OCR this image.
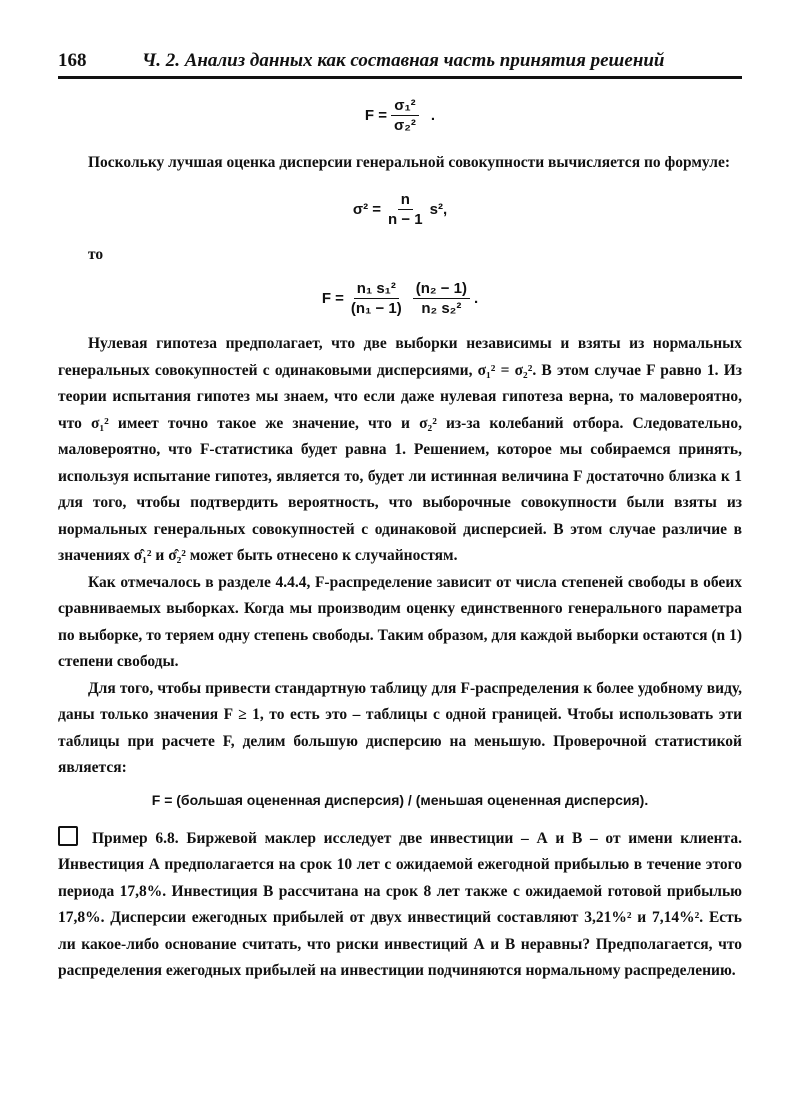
168	Ч. 2. Анализ данных как составная часть принятия решений
$F = \frac{\text{σ₁²}}{\text{σ₂²}}$ .

Поскольку лучшая оценка дисперсии генеральной совокупности вычисляется по формуле:

$\sigma^2 = \frac{n}{n - 1} s^2$,

то

$F = \frac{\text{n₁ s₁²}}{\text{(n₁ − 1)}} \frac{\text{(n₂ − 1)}}{\text{n₂ s₂²}}$ .

Нулевая гипотеза предполагает, что две выборки независимы и взяты из нормальных генеральных совокупностей с одинаковыми дисперсиями, σ₁² = σ₂². В этом случае F равно 1. Из теории испытания гипотез мы знаем, что если даже нулевая гипотеза верна, то маловероятно, что σ₁² имеет точно такое же значение, что и σ₂² из-за колебаний отбора. Следовательно, маловероятно, что F-статистика будет равна 1. Решением, которое мы собираемся принять, используя испытание гипотез, является то, будет ли истинная величина F достаточно близка к 1 для того, чтобы подтвердить вероятность, что выборочные совокупности были взяты из нормальных генеральных совокупностей с одинаковой дисперсией. В этом случае различие в значениях σ̂₁² и σ̂₂² может быть отнесено к случайностям.

Как отмечалось в разделе 4.4.4, F-распределение зависит от числа степеней свободы в обеих сравниваемых выборках. Когда мы производим оценку единственного генерального параметра по выборке, то теряем одну степень свободы. Таким образом, для каждой выборки остаются (n 1) степени свободы.

Для того, чтобы привести стандартную таблицу для F-распределения к более удобному виду, даны только значения F ≥ 1, то есть это – таблицы с одной границей. Чтобы использовать эти таблицы при расчете F, делим большую дисперсию на меньшую. Проверочной статистикой является:

F = (большая оцененная дисперсия) / (меньшая оцененная дисперсия).

Пример 6.8. Биржевой маклер исследует две инвестиции – А и В – от имени клиента. Инвестиция А предполагается на срок 10 лет с ожидаемой ежегодной прибылью в течение этого периода 17,8%. Инвестиция В рассчитана на срок 8 лет также с ожидаемой готовой прибылью 17,8%. Дисперсии ежегодных прибылей от двух инвестиций составляют 3,21%² и 7,14%². Есть ли какое-либо основание считать, что риски инвестиций А и В неравны? Предполагается, что распределения ежегодных прибылей на инвестиции подчиняются нормальному распределению.
